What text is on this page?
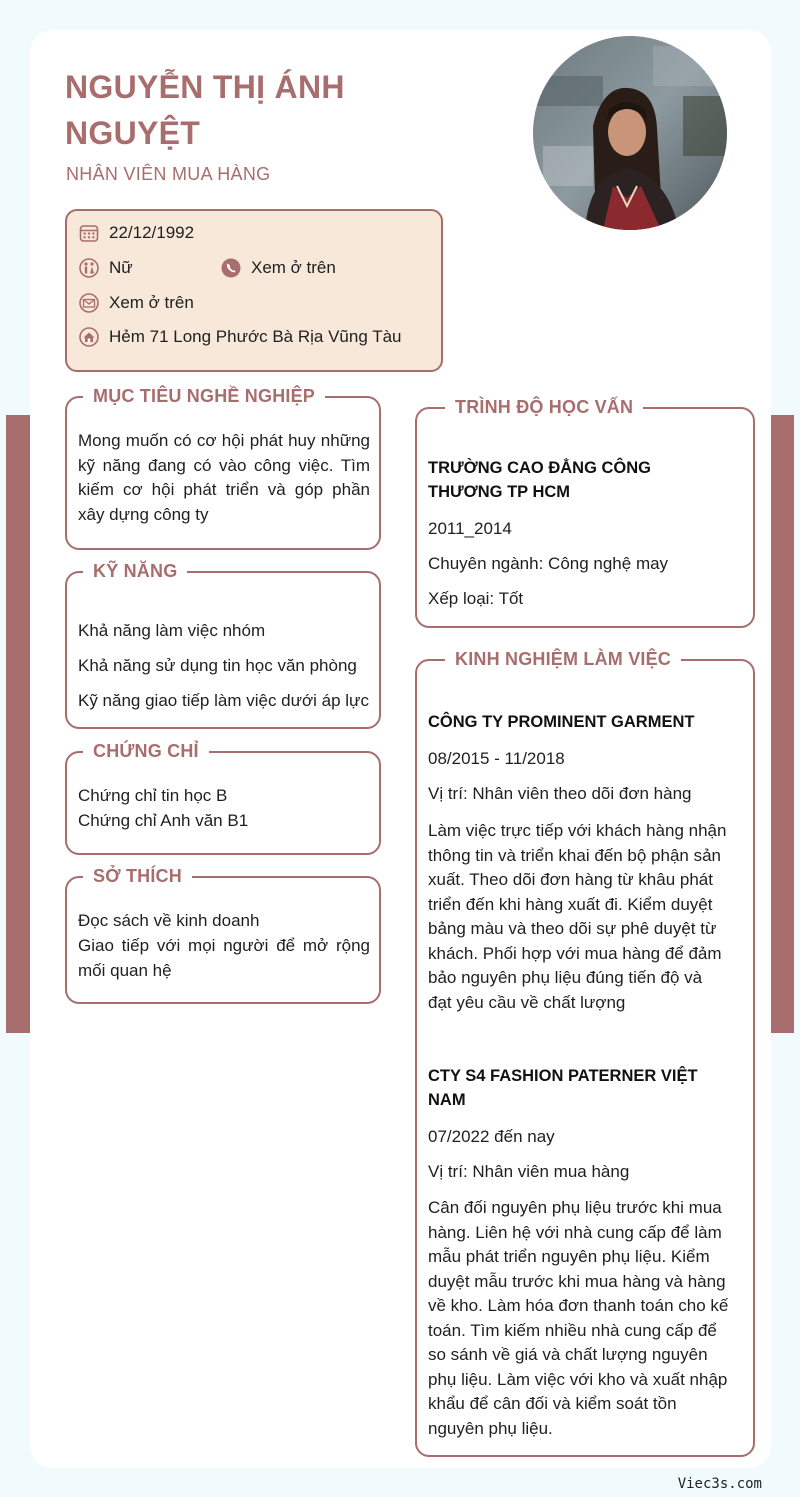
NGUYỄN THỊ ÁNH NGUYỆT
NHÂN VIÊN MUA HÀNG
22/12/1992
Nữ	Xem ở trên
Xem ở trên
Hẻm 71 Long Phước Bà Rịa Vũng Tàu
MỤC TIÊU NGHỀ NGHIỆP
Mong muốn có cơ hội phát huy những kỹ năng đang có vào công việc. Tìm kiếm cơ hội phát triển và góp phần xây dựng công ty
KỸ NĂNG
Khả năng làm việc nhóm
Khả năng sử dụng tin học văn phòng
Kỹ năng giao tiếp làm việc dưới áp lực
CHỨNG CHỈ
Chứng chỉ tin học B
Chứng chỉ Anh văn B1
SỞ THÍCH
Đọc sách về kinh doanh
Giao tiếp với mọi người để mở rộng mối quan hệ
TRÌNH ĐỘ HỌC VẤN
TRƯỜNG CAO ĐẲNG CÔNG THƯƠNG TP HCM
2011_2014
Chuyên ngành: Công nghệ may
Xếp loại: Tốt
KINH NGHIỆM LÀM VIỆC
CÔNG TY PROMINENT GARMENT
08/2015 - 11/2018
Vị trí: Nhân viên theo dõi đơn hàng
Làm việc trực tiếp với khách hàng nhận thông tin và triển khai đến bộ phận sản xuất. Theo dõi đơn hàng từ khâu phát triển đến khi hàng xuất đi. Kiểm duyệt bảng màu và theo dõi sự phê duyệt từ khách. Phối hợp với mua hàng để đảm bảo nguyên phụ liệu đúng tiến độ và đạt yêu cầu về chất lượng
CTY S4 FASHION PATERNER VIỆT NAM
07/2022 đến nay
Vị trí: Nhân viên mua hàng
Cân đối nguyên phụ liệu trước khi mua hàng. Liên hệ với nhà cung cấp để làm mẫu phát triển nguyên phụ liệu. Kiểm duyệt mẫu trước khi mua hàng và hàng về kho. Làm hóa đơn thanh toán cho kế toán. Tìm kiếm nhiều nhà cung cấp để so sánh về giá và chất lượng nguyên phụ liệu. Làm việc với kho và xuất nhập khẩu để cân đối và kiểm soát tồn nguyên phụ liệu.
Viec3s.com
